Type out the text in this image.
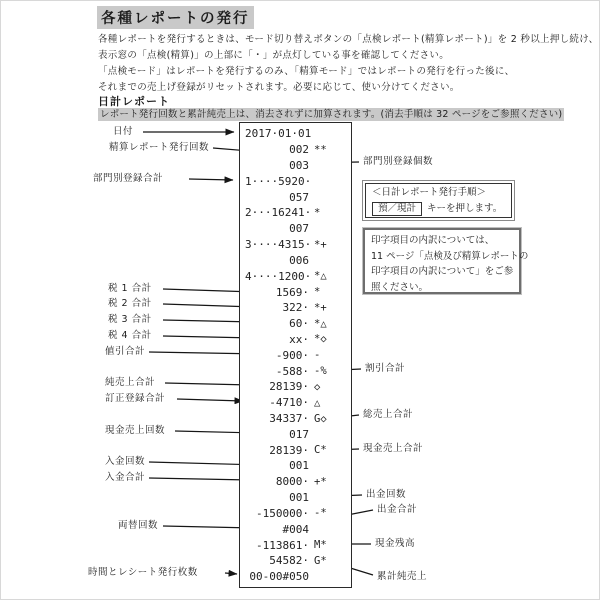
各種レポートの発行
各種レポートを発行するときは、モード切り替えボタンの「点検レポート(精算レポート)」を 2 秒以上押し続け、
表示窓の「点検(精算)」の上部に「・」が点灯している事を確認してください。
「点検モード」はレポートを発行するのみ、「精算モード」ではレポートの発行を行った後に、
それまでの売上げ登録がリセットされます。必要に応じて、使い分けてください。
日計レポート
レポート発行回数と累計純売上は、消去されずに加算されます。(消去手順は 32 ページをご参照ください)
2017·01·01
002 **
003
1····5920·
057
2···16241· *
007
3····4315· *+
006
4····1200· *△
1569· *
322· *+
60· *△
xx· *◇
-900· -
-588· -%
28139· ◇
-4710· △
34337· G◇
017
28139· C*
001
8000· +*
001
-150000· -*
#004
-113861· M*
54582· G*
00-00#050
日付
精算レポート発行回数
部門別登録合計
税 1 合計
税 2 合計
税 3 合計
税 4 合計
値引合計
純売上合計
訂正登録合計
現金売上回数
入金回数
入金合計
両替回数
時間とレシート発行枚数
部門別登録個数
割引合計
総売上合計
現金売上合計
出金回数
出金合計
現金残高
累計純売上
＜日計レポート発行手順＞
預／現計 キーを押します。
印字項目の内訳については、
11 ページ「点検及び精算レポートの
印字項目の内訳について」をご参
照ください。
